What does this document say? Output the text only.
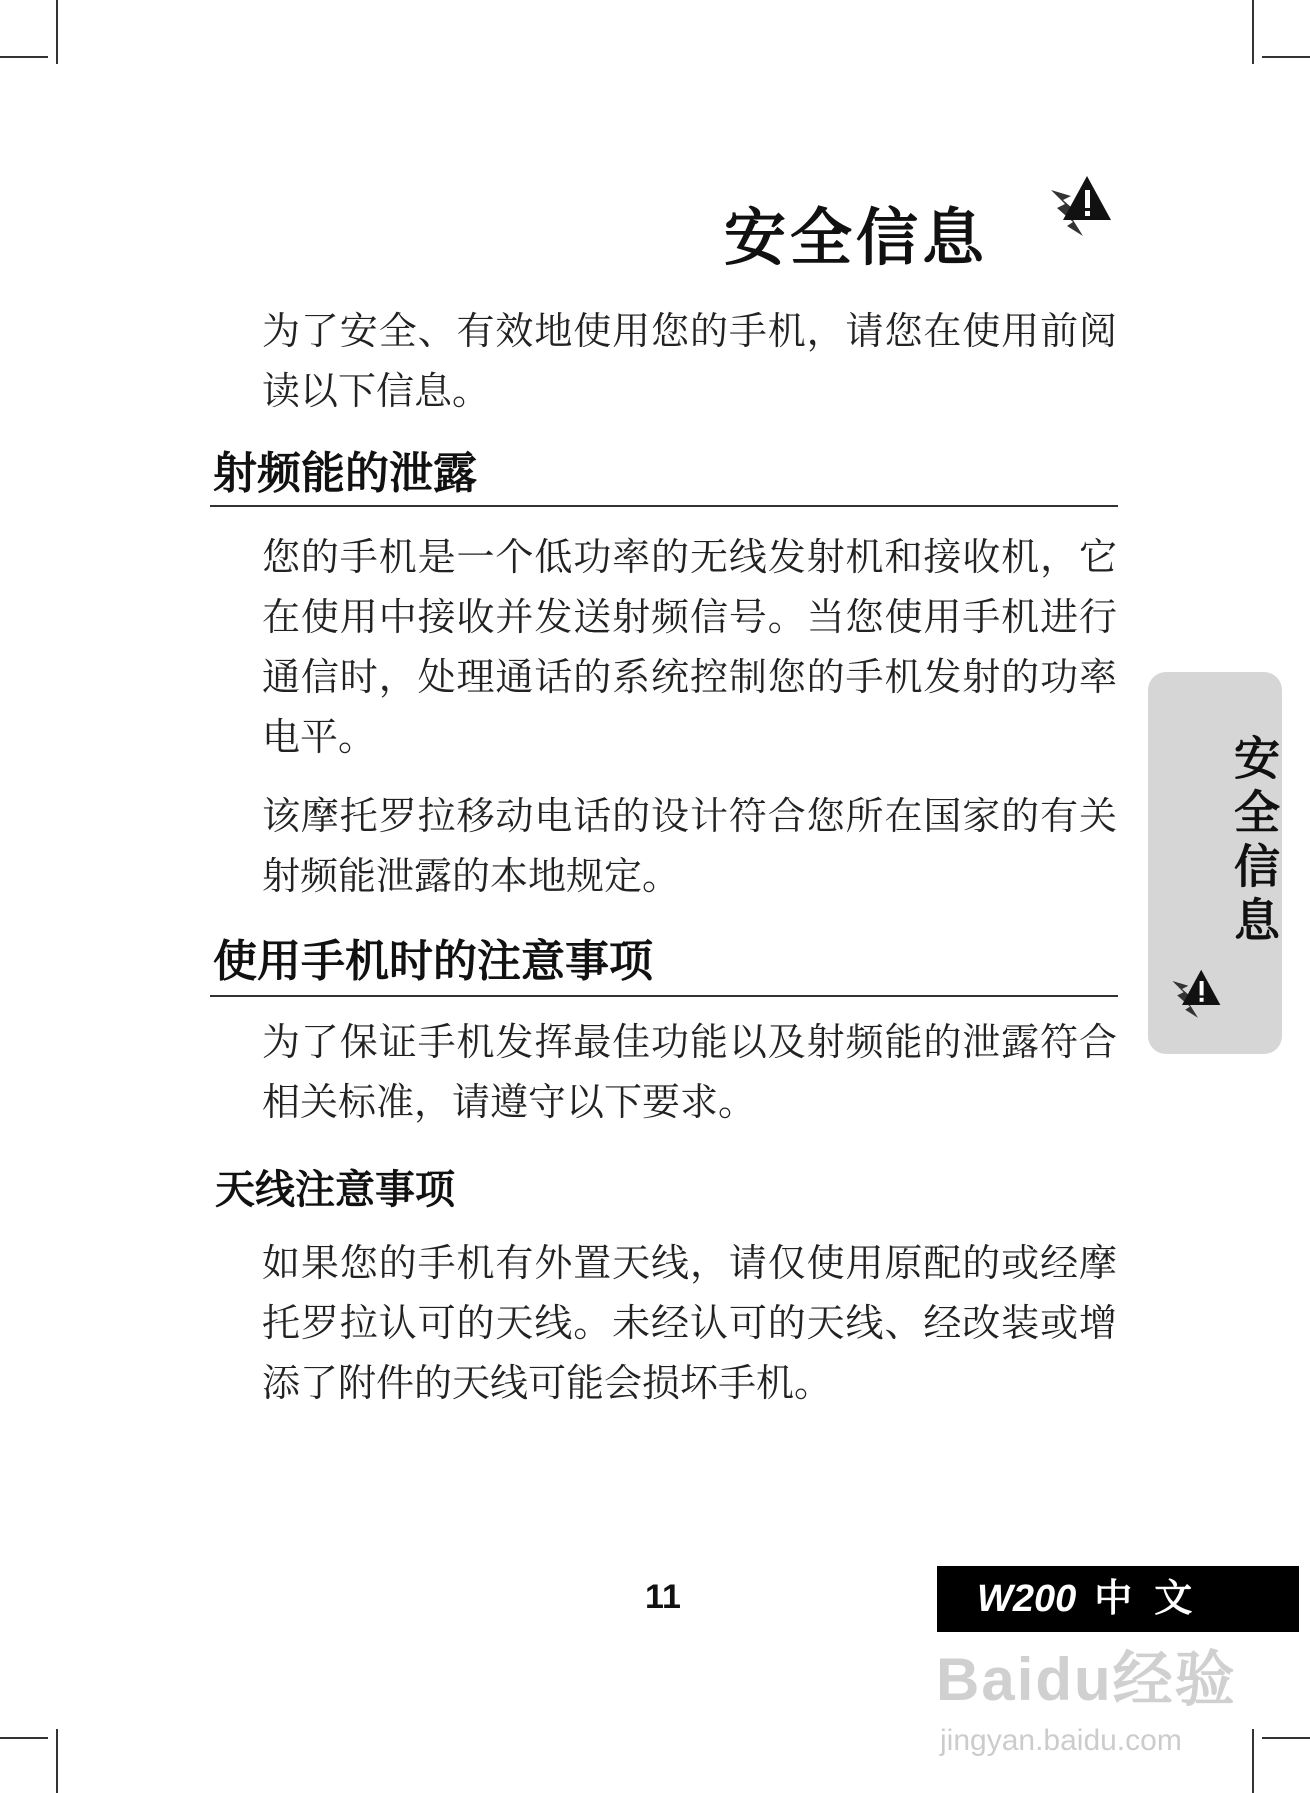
安全信息

为了安全、有效地使用您的手机，请您在使用前阅读以下信息。

射频能的泄露

您的手机是一个低功率的无线发射机和接收机，它在使用中接收并发送射频信号。当您使用手机进行通信时，处理通话的系统控制您的手机发射的功率电平。

该摩托罗拉移动电话的设计符合您所在国家的有关射频能泄露的本地规定。

使用手机时的注意事项

为了保证手机发挥最佳功能以及射频能的泄露符合相关标准，请遵守以下要求。

天线注意事项

如果您的手机有外置天线，请仅使用原配的或经摩托罗拉认可的天线。未经认可的天线、经改装或增添了附件的天线可能会损坏手机。

安全信息
11	W200 中文
Baidu经验
jingyan.baidu.com
